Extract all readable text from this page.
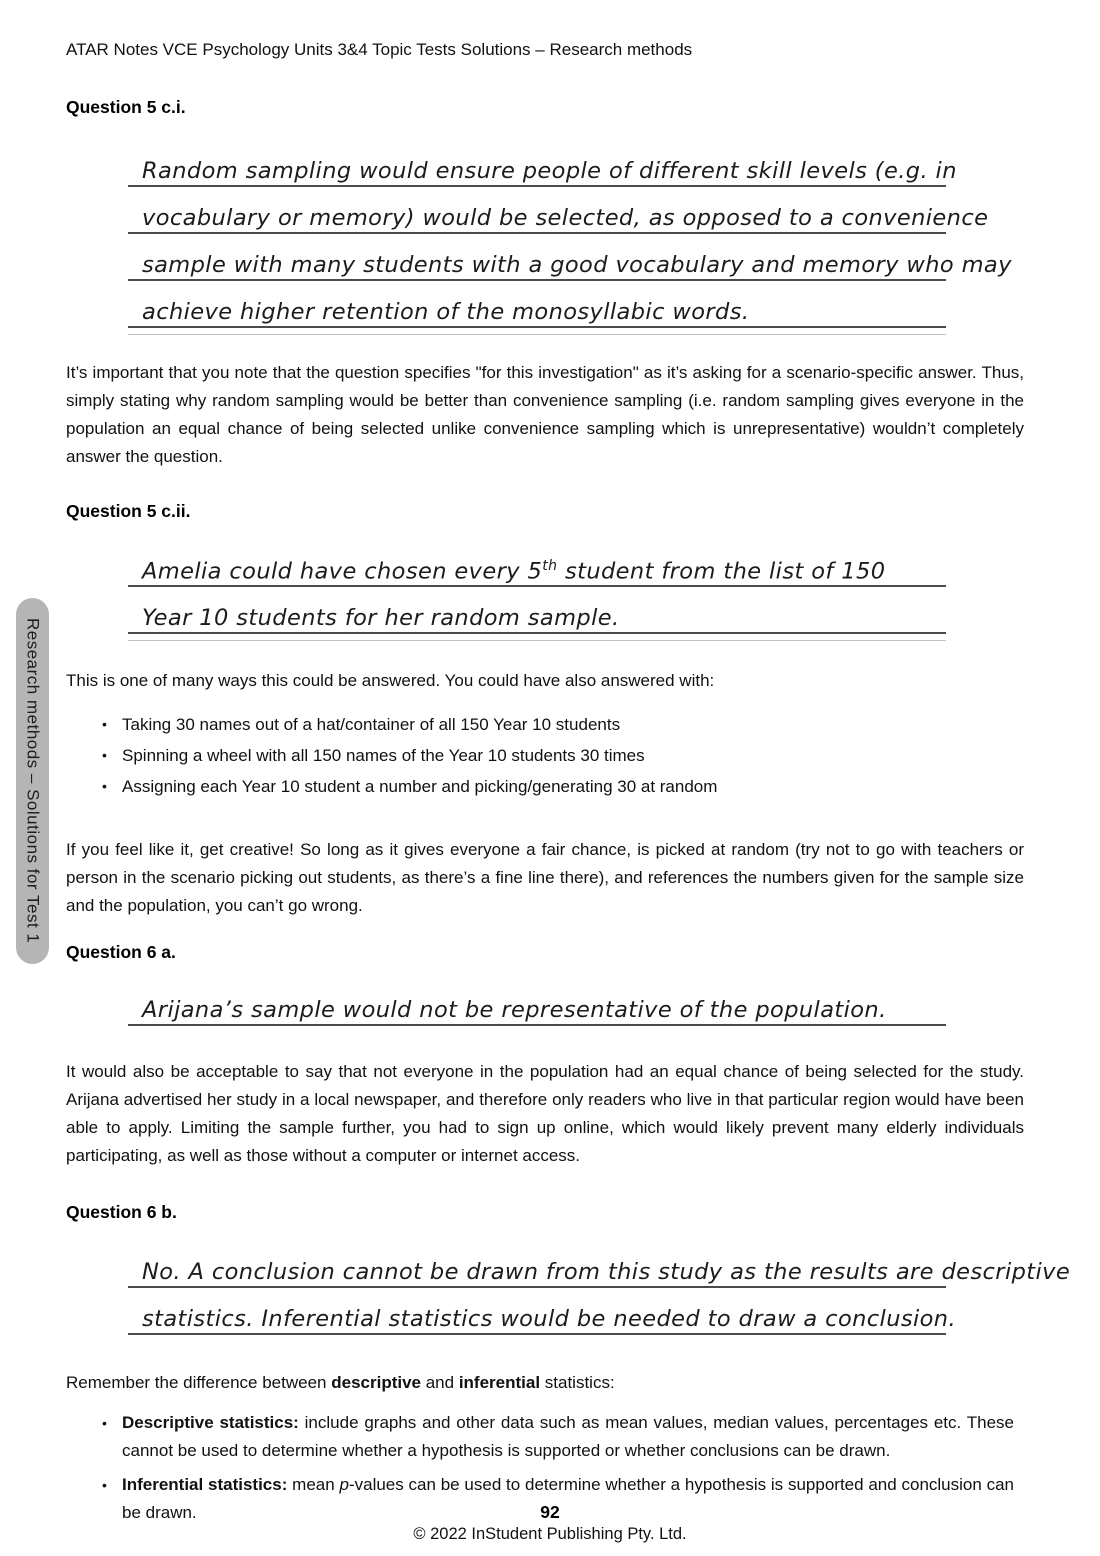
Research methods – Solutions for Test 1
ATAR Notes VCE Psychology Units 3&4 Topic Tests Solutions – Research methods
Question 5 c.i.
Random sampling would ensure people of different skill levels (e.g. in
vocabulary or memory) would be selected, as opposed to a convenience
sample with many students with a good vocabulary and memory who may
achieve higher retention of the monosyllabic words.
It’s important that you note that the question specifies "for this investigation" as it’s asking for a scenario-specific answer. Thus, simply stating why random sampling would be better than convenience sampling (i.e. random sampling gives everyone in the population an equal chance of being selected unlike convenience sampling which is unrepresentative) wouldn’t completely answer the question.
Question 5 c.ii.
Amelia could have chosen every 5th student from the list of 150
Year 10 students for her random sample.
This is one of many ways this could be answered. You could have also answered with:
• Taking 30 names out of a hat/container of all 150 Year 10 students
• Spinning a wheel with all 150 names of the Year 10 students 30 times
• Assigning each Year 10 student a number and picking/generating 30 at random
If you feel like it, get creative! So long as it gives everyone a fair chance, is picked at random (try not to go with teachers or person in the scenario picking out students, as there’s a fine line there), and references the numbers given for the sample size and the population, you can’t go wrong.
Question 6 a.
Arijana’s sample would not be representative of the population.
It would also be acceptable to say that not everyone in the population had an equal chance of being selected for the study. Arijana advertised her study in a local newspaper, and therefore only readers who live in that particular region would have been able to apply. Limiting the sample further, you had to sign up online, which would likely prevent many elderly individuals participating, as well as those without a computer or internet access.
Question 6 b.
No. A conclusion cannot be drawn from this study as the results are descriptive
statistics. Inferential statistics would be needed to draw a conclusion.
Remember the difference between descriptive and inferential statistics:
• Descriptive statistics: include graphs and other data such as mean values, median values, percentages etc. These cannot be used to determine whether a hypothesis is supported or whether conclusions can be drawn.
• Inferential statistics: mean p-values can be used to determine whether a hypothesis is supported and conclusion can be drawn.	92
© 2022 InStudent Publishing Pty. Ltd.
